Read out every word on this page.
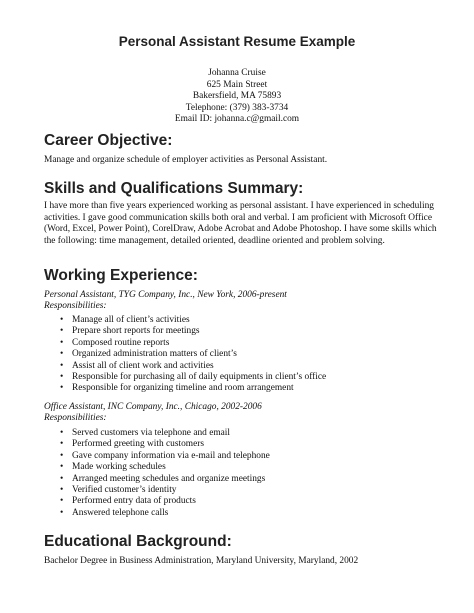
Personal Assistant Resume Example
Johanna Cruise
625 Main Street
Bakersfield, MA 75893
Telephone: (379) 383-3734
Email ID: johanna.c@gmail.com
Career Objective:
Manage and organize schedule of employer activities as Personal Assistant.
Skills and Qualifications Summary:
I have more than five years experienced working as personal assistant. I have experienced in scheduling activities. I gave good communication skills both oral and verbal. I am proficient with Microsoft Office (Word, Excel, Power Point), CorelDraw, Adobe Acrobat and Adobe Photoshop. I have some skills which the following: time management, detailed oriented, deadline oriented and problem solving.
Working Experience:
Personal Assistant, TYG Company, Inc., New York, 2006-present
Responsibilities:
• Manage all of client’s activities
• Prepare short reports for meetings
• Composed routine reports
• Organized administration matters of client’s
• Assist all of client work and activities
• Responsible for purchasing all of daily equipments in client’s office
• Responsible for organizing timeline and room arrangement
Office Assistant, INC Company, Inc., Chicago, 2002-2006
Responsibilities:
• Served customers via telephone and email
• Performed greeting with customers
• Gave company information via e-mail and telephone
• Made working schedules
• Arranged meeting schedules and organize meetings
• Verified customer’s identity
• Performed entry data of products
• Answered telephone calls
Educational Background:
Bachelor Degree in Business Administration, Maryland University, Maryland, 2002
